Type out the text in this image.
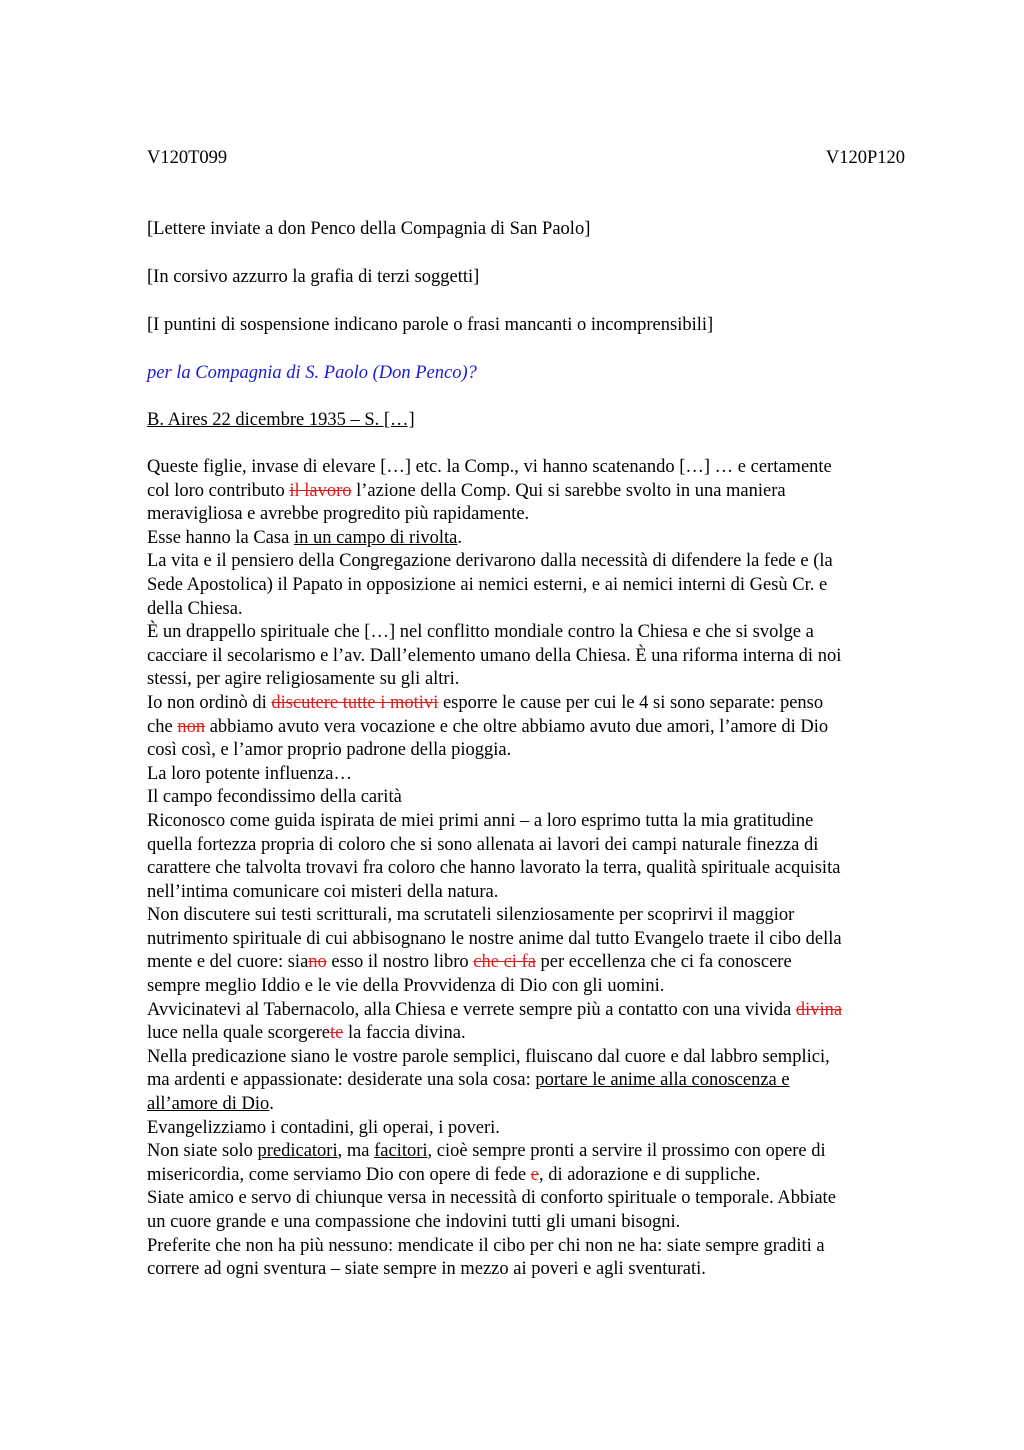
V120T099	V120P120

[Lettere inviate a don Penco della Compagnia di San Paolo]

[In corsivo azzurro la grafia di terzi soggetti]

[I puntini di sospensione indicano parole o frasi mancanti o incomprensibili]

per la Compagnia di S. Paolo (Don Penco)?

B. Aires 22 dicembre 1935 – S. […]

Queste figlie, invase di elevare […] etc. la Comp., vi hanno scatenando […] … e certamente
col loro contributo il lavoro l’azione della Comp. Qui si sarebbe svolto in una maniera
meravigliosa e avrebbe progredito più rapidamente.
Esse hanno la Casa in un campo di rivolta.
La vita e il pensiero della Congregazione derivarono dalla necessità di difendere la fede e (la
Sede Apostolica) il Papato in opposizione ai nemici esterni, e ai nemici interni di Gesù Cr. e
della Chiesa.
È un drappello spirituale che […] nel conflitto mondiale contro la Chiesa e che si svolge a
cacciare il secolarismo e l’av. Dall’elemento umano della Chiesa. È una riforma interna di noi
stessi, per agire religiosamente su gli altri.
Io non ordinò di discutere tutte i motivi esporre le cause per cui le 4 si sono separate: penso
che non abbiamo avuto vera vocazione e che oltre abbiamo avuto due amori, l’amore di Dio
così così, e l’amor proprio padrone della pioggia.
La loro potente influenza…
Il campo fecondissimo della carità
Riconosco come guida ispirata de miei primi anni – a loro esprimo tutta la mia gratitudine
quella fortezza propria di coloro che si sono allenata ai lavori dei campi naturale finezza di
carattere che talvolta trovavi fra coloro che hanno lavorato la terra, qualità spirituale acquisita
nell’intima comunicare coi misteri della natura.
Non discutere sui testi scritturali, ma scrutateli silenziosamente per scoprirvi il maggior
nutrimento spirituale di cui abbisognano le nostre anime dal tutto Evangelo traete il cibo della
mente e del cuore: siano esso il nostro libro che ci fa per eccellenza che ci fa conoscere
sempre meglio Iddio e le vie della Provvidenza di Dio con gli uomini.
Avvicinatevi al Tabernacolo, alla Chiesa e verrete sempre più a contatto con una vivida divina
luce nella quale scorgerete la faccia divina.
Nella predicazione siano le vostre parole semplici, fluiscano dal cuore e dal labbro semplici,
ma ardenti e appassionate: desiderate una sola cosa: portare le anime alla conoscenza e
all’amore di Dio.
Evangelizziamo i contadini, gli operai, i poveri.
Non siate solo predicatori, ma facitori, cioè sempre pronti a servire il prossimo con opere di
misericordia, come serviamo Dio con opere di fede e, di adorazione e di suppliche.
Siate amico e servo di chiunque versa in necessità di conforto spirituale o temporale. Abbiate
un cuore grande e una compassione che indovini tutti gli umani bisogni.
Preferite che non ha più nessuno: mendicate il cibo per chi non ne ha: siate sempre graditi a
correre ad ogni sventura – siate sempre in mezzo ai poveri e agli sventurati.
